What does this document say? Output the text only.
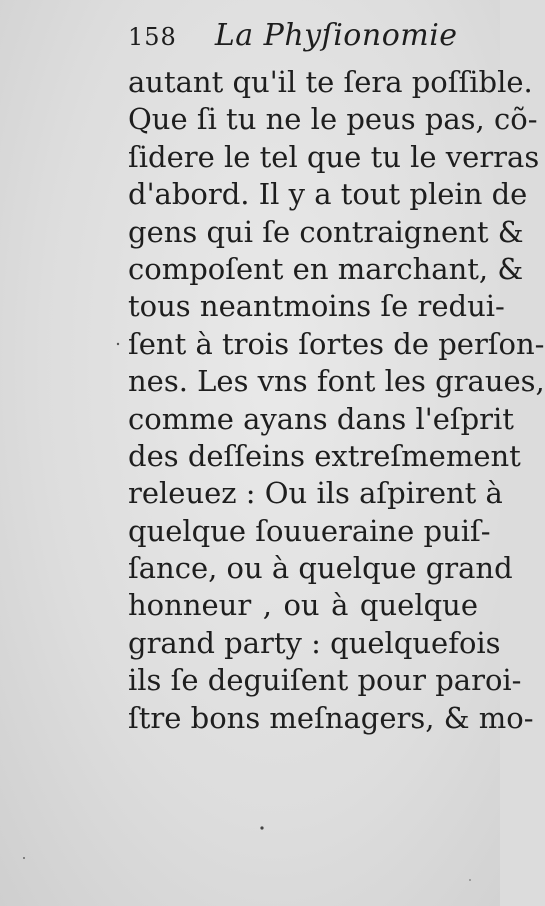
158 La Phyſionomie
autant qu'il te ſera poſſible.
Que ſi tu ne le peus pas, cõ-
ſidere le tel que tu le verras
d'abord. Il y a tout plein de
gens qui ſe contraignent &
compoſent en marchant, &
tous neantmoins ſe redui-
ſent à trois ſortes de perſon-
nes. Les vns font les graues,
comme ayans dans l'eſprit
des deſſeins extreſmement
releuez : Ou ils aſpirent à
quelque ſouueraine puiſ-
ſance, ou à quelque grand
honneur , ou à quelque
grand party : quelquefois
ils ſe deguiſent pour paroi-
ſtre bons meſnagers, & mo-
